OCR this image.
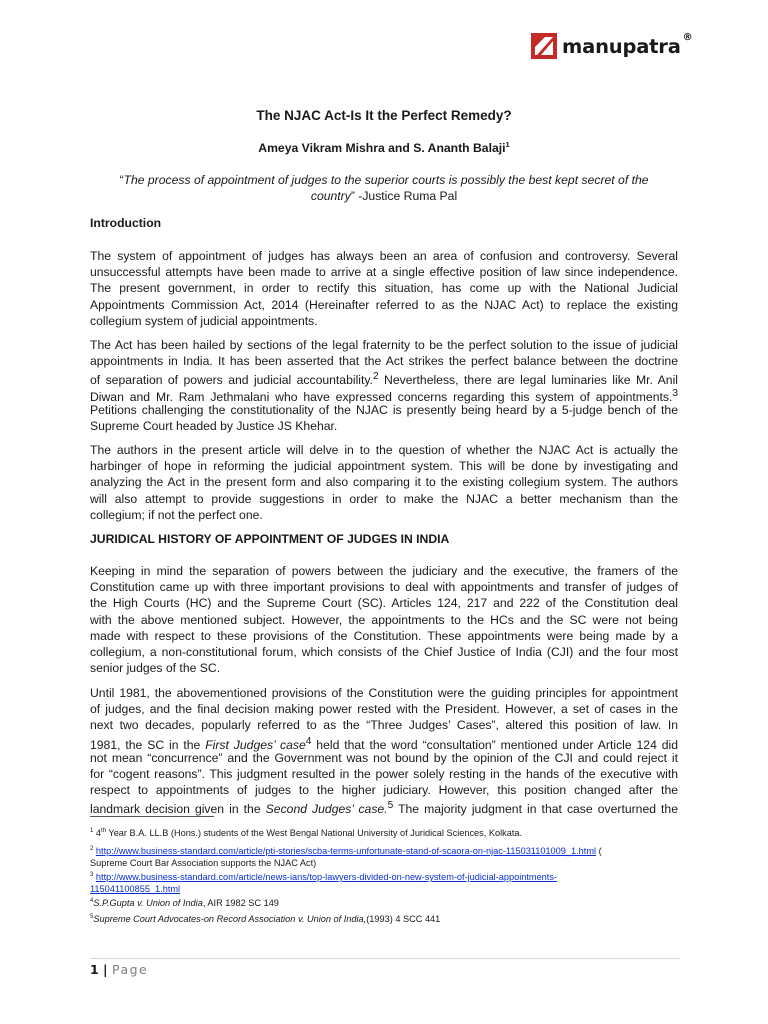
manupatra ®
The NJAC Act-Is It the Perfect Remedy?
Ameya Vikram Mishra and S. Ananth Balaji$^1$
“The process of appointment of judges to the superior courts is possibly the best kept secret of the
country” -Justice Ruma Pal
Introduction
The system of appointment of judges has always been an area of confusion and controversy. Several
unsuccessful attempts have been made to arrive at a single effective position of law since independence.
The present government, in order to rectify this situation, has come up with the National Judicial
Appointments Commission Act, 2014 (Hereinafter referred to as the NJAC Act) to replace the existing
collegium system of judicial appointments.
The Act has been hailed by sections of the legal fraternity to be the perfect solution to the issue of judicial
appointments in India. It has been asserted that the Act strikes the perfect balance between the doctrine
of separation of powers and judicial accountability.$^2$ Nevertheless, there are legal luminaries like Mr. Anil
Diwan and Mr. Ram Jethmalani who have expressed concerns regarding this system of appointments.$^3$
Petitions challenging the constitutionality of the NJAC is presently being heard by a 5-judge bench of the
Supreme Court headed by Justice JS Khehar.
The authors in the present article will delve in to the question of whether the NJAC Act is actually the
harbinger of hope in reforming the judicial appointment system. This will be done by investigating and
analyzing the Act in the present form and also comparing it to the existing collegium system. The authors
will also attempt to provide suggestions in order to make the NJAC a better mechanism than the
collegium; if not the perfect one.
JURIDICAL HISTORY OF APPOINTMENT OF JUDGES IN INDIA
Keeping in mind the separation of powers between the judiciary and the executive, the framers of the
Constitution came up with three important provisions to deal with appointments and transfer of judges of
the High Courts (HC) and the Supreme Court (SC). Articles 124, 217 and 222 of the Constitution deal
with the above mentioned subject. However, the appointments to the HCs and the SC were not being
made with respect to these provisions of the Constitution. These appointments were being made by a
collegium, a non-constitutional forum, which consists of the Chief Justice of India (CJI) and the four most
senior judges of the SC.
Until 1981, the abovementioned provisions of the Constitution were the guiding principles for appointment
of judges, and the final decision making power rested with the President. However, a set of cases in the
next two decades, popularly referred to as the “Three Judges’ Cases”, altered this position of law. In
1981, the SC in the First Judges’ case$^4$ held that the word “consultation” mentioned under Article 124 did
not mean “concurrence” and the Government was not bound by the opinion of the CJI and could reject it
for “cogent reasons”. This judgment resulted in the power solely resting in the hands of the executive with
respect to appointments of judges to the higher judiciary. However, this position changed after the
landmark decision given in the Second Judges’ case.$^5$ The majority judgment in that case overturned the
$^1$ 4th Year B.A. LL.B (Hons.) students of the West Bengal National University of Juridical Sciences, Kolkata.
$^2$ http://www.business-standard.com/article/pti-stories/scba-terms-unfortunate-stand-of-scaora-on-njac-115031101009_1.html (
Supreme Court Bar Association supports the NJAC Act)
$^3$ http://www.business-standard.com/article/news-ians/top-lawyers-divided-on-new-system-of-judicial-appointments-
115041100855_1.html
$^4$S.P.Gupta v. Union of India, AIR 1982 SC 149
$^5$Supreme Court Advocates-on Record Association v. Union of India,(1993) 4 SCC 441
1 | Page
